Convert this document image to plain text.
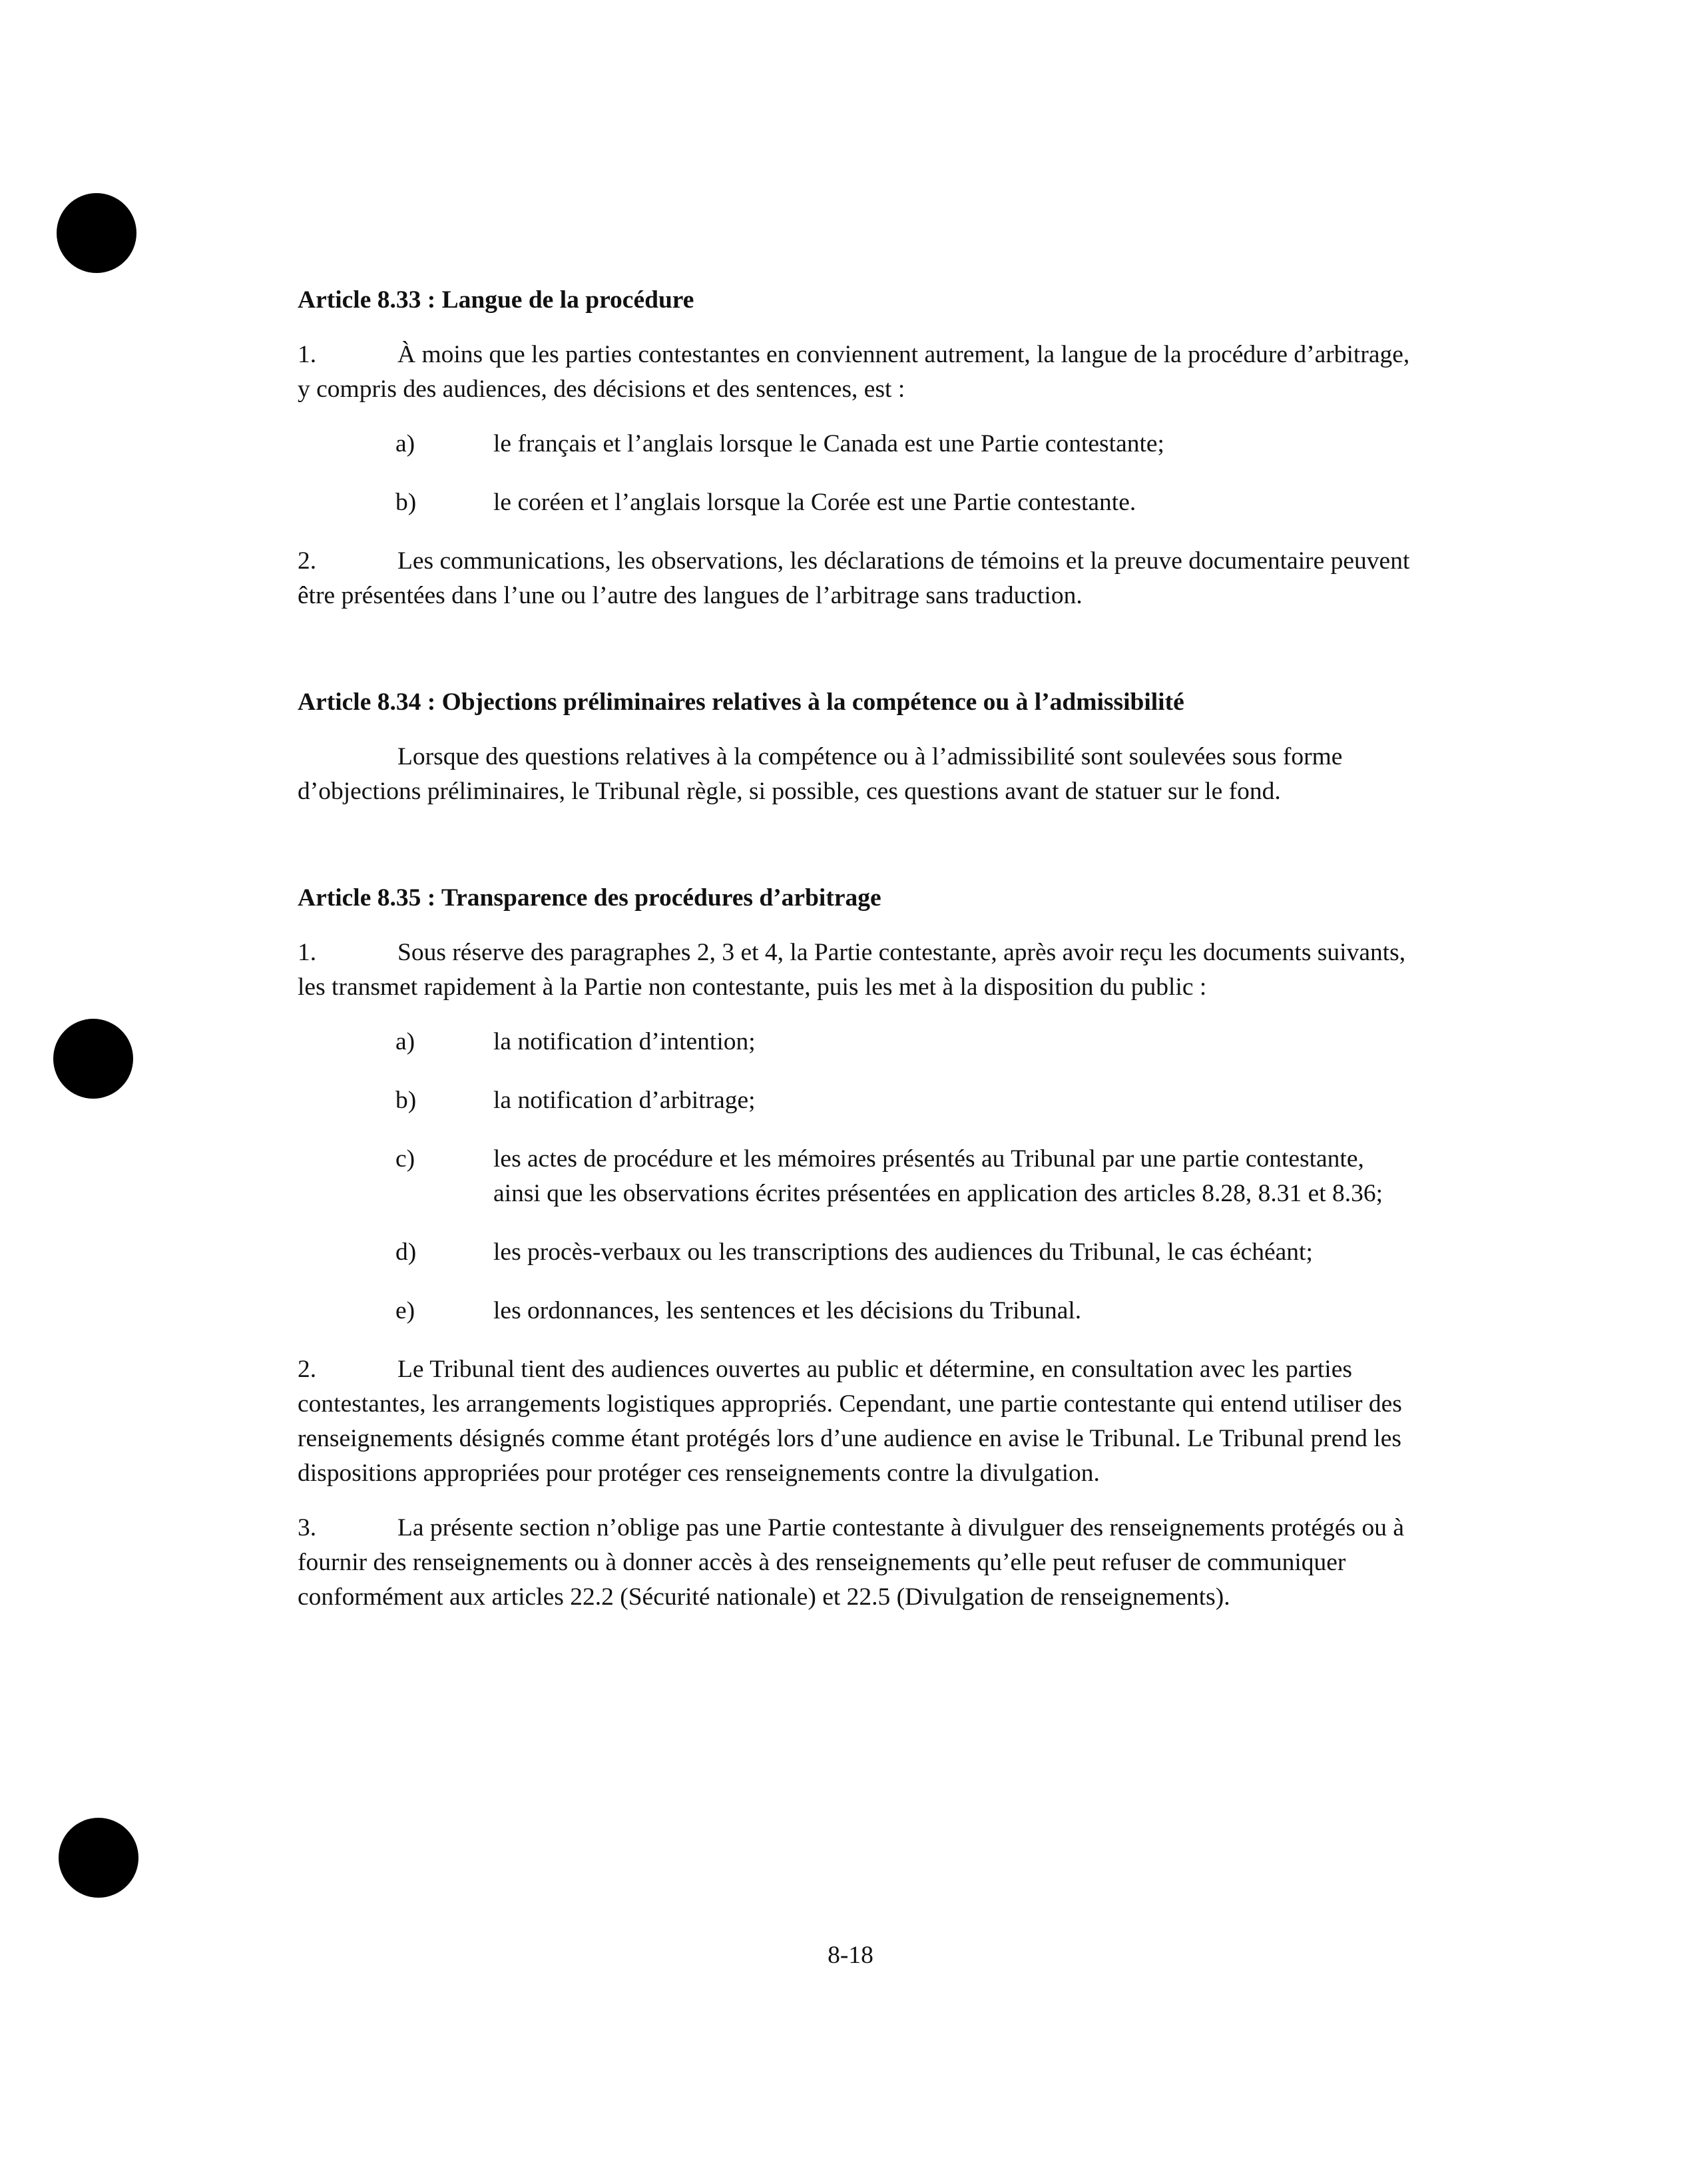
Article 8.33 : Langue de la procédure

1.	À moins que les parties contestantes en conviennent autrement, la langue de la procédure d’arbitrage, y compris des audiences, des décisions et des sentences, est :

a)	le français et l’anglais lorsque le Canada est une Partie contestante;
b)	le coréen et l’anglais lorsque la Corée est une Partie contestante.

2.	Les communications, les observations, les déclarations de témoins et la preuve documentaire peuvent être présentées dans l’une ou l’autre des langues de l’arbitrage sans traduction.

Article 8.34 : Objections préliminaires relatives à la compétence ou à l’admissibilité

Lorsque des questions relatives à la compétence ou à l’admissibilité sont soulevées sous forme d’objections préliminaires, le Tribunal règle, si possible, ces questions avant de statuer sur le fond.

Article 8.35 : Transparence des procédures d’arbitrage

1.	Sous réserve des paragraphes 2, 3 et 4, la Partie contestante, après avoir reçu les documents suivants, les transmet rapidement à la Partie non contestante, puis les met à la disposition du public :

a)	la notification d’intention;
b)	la notification d’arbitrage;
c)	les actes de procédure et les mémoires présentés au Tribunal par une partie contestante, ainsi que les observations écrites présentées en application des articles 8.28, 8.31 et 8.36;
d)	les procès-verbaux ou les transcriptions des audiences du Tribunal, le cas échéant;
e)	les ordonnances, les sentences et les décisions du Tribunal.

2.	Le Tribunal tient des audiences ouvertes au public et détermine, en consultation avec les parties contestantes, les arrangements logistiques appropriés. Cependant, une partie contestante qui entend utiliser des renseignements désignés comme étant protégés lors d’une audience en avise le Tribunal. Le Tribunal prend les dispositions appropriées pour protéger ces renseignements contre la divulgation.

3.	La présente section n’oblige pas une Partie contestante à divulguer des renseignements protégés ou à fournir des renseignements ou à donner accès à des renseignements qu’elle peut refuser de communiquer conformément aux articles 22.2 (Sécurité nationale) et 22.5 (Divulgation de renseignements).

8-18
